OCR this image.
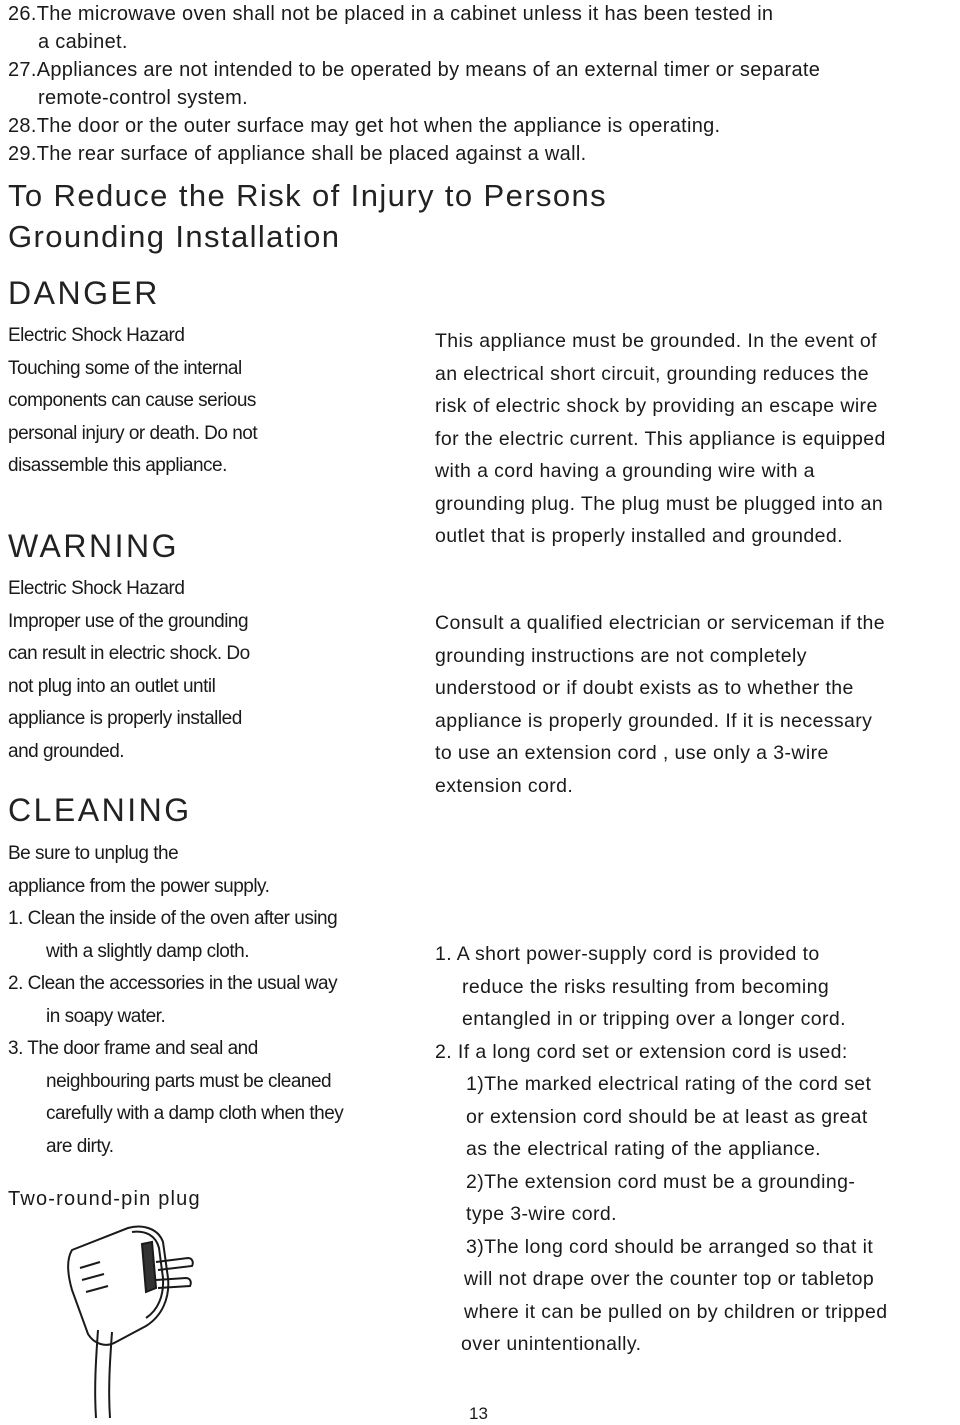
26.The microwave oven shall not be placed in a cabinet unless it has been tested in
a cabinet.
27.Appliances are not intended to be operated by means of an external timer or separate
remote-control system.
28.The door or the outer surface may get hot when the appliance is operating.
29.The rear surface of appliance shall be placed against a wall.
To Reduce the Risk of Injury to Persons
Grounding Installation
DANGER
Electric Shock Hazard
Touching some of the internal
components can cause serious
personal injury or death. Do not
disassemble this appliance.
WARNING
Electric Shock Hazard
Improper use of the grounding
can result in electric shock. Do
not plug into an outlet until
appliance is properly installed
and grounded.
CLEANING
Be sure to unplug the
appliance from the power supply.
1. Clean the inside of the oven after using
with a slightly damp cloth.
2. Clean the accessories in the usual way
in soapy water.
3. The door frame and seal and
neighbouring parts must be cleaned
carefully with a damp cloth when they
are dirty.
Two-round-pin plug
This appliance must be grounded. In the event of
an electrical short circuit, grounding reduces the
risk of electric shock by providing an escape wire
for the electric current. This appliance is equipped
with a cord having a grounding wire with a
grounding plug. The plug must be plugged into an
outlet that is properly installed and grounded.
Consult a qualified electrician or serviceman if the
grounding instructions are not completely
understood or if doubt exists as to whether the
appliance is properly grounded. If it is necessary
to use an extension cord , use only a 3-wire
extension cord.
1. A short power-supply cord is provided to
reduce the risks resulting from becoming
entangled in or tripping over a longer cord.
2. If a long cord set or extension cord is used:
1)The marked electrical rating of the cord set
or extension cord should be at least as great
as the electrical rating of the appliance.
2)The extension cord must be a grounding-
type 3-wire cord.
3)The long cord should be arranged so that it
will not drape over the counter top or tabletop
where it can be pulled on by children or tripped
over unintentionally.
13
